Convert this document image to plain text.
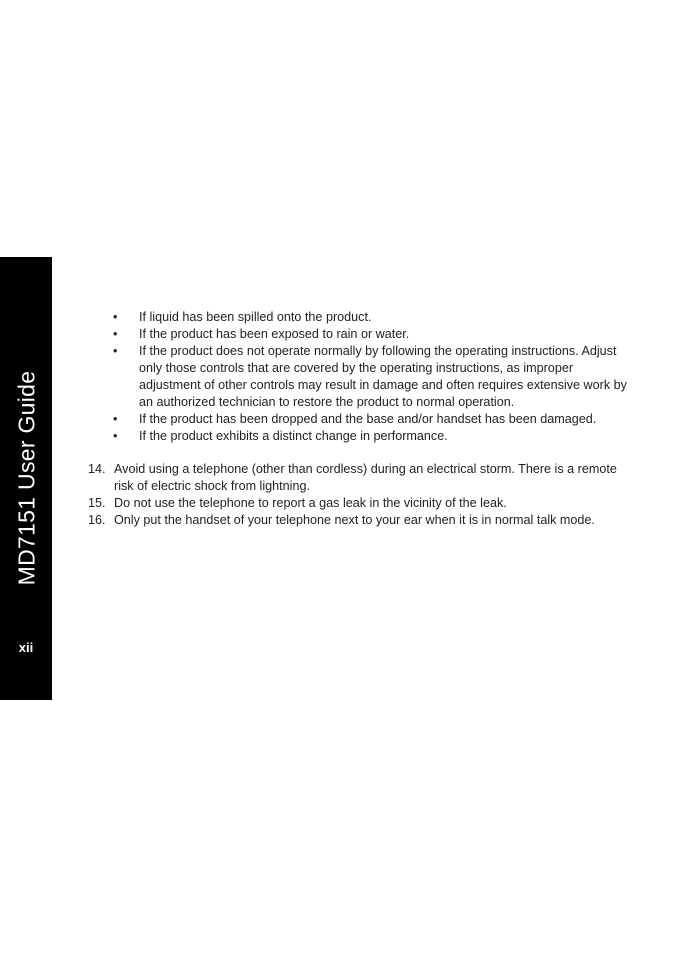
MD7151 User Guide
xii
• If liquid has been spilled onto the product.
• If the product has been exposed to rain or water.
• If the product does not operate normally by following the operating instructions. Adjust only those controls that are covered by the operating instructions, as improper adjustment of other controls may result in damage and often requires extensive work by an authorized technician to restore the product to normal operation.
• If the product has been dropped and the base and/or handset has been damaged.
• If the product exhibits a distinct change in performance.
14. Avoid using a telephone (other than cordless) during an electrical storm. There is a remote risk of electric shock from lightning.
15. Do not use the telephone to report a gas leak in the vicinity of the leak.
16. Only put the handset of your telephone next to your ear when it is in normal talk mode.
